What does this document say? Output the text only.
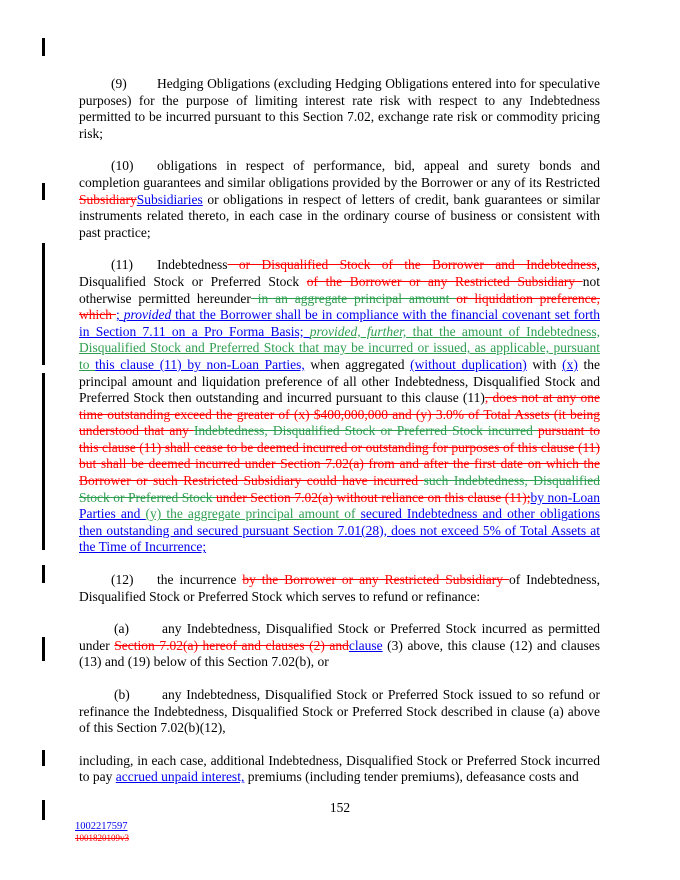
(9) Hedging Obligations (excluding Hedging Obligations entered into for speculative purposes) for the purpose of limiting interest rate risk with respect to any Indebtedness permitted to be incurred pursuant to this Section 7.02, exchange rate risk or commodity pricing risk;

(10) obligations in respect of performance, bid, appeal and surety bonds and completion guarantees and similar obligations provided by the Borrower or any of its Restricted SubsidiarySubsidiaries or obligations in respect of letters of credit, bank guarantees or similar instruments related thereto, in each case in the ordinary course of business or consistent with past practice;

(11) Indebtedness or Disqualified Stock of the Borrower and Indebtedness, Disqualified Stock or Preferred Stock of the Borrower or any Restricted Subsidiary not otherwise permitted hereunder in an aggregate principal amount or liquidation preference, which ; provided that the Borrower shall be in compliance with the financial covenant set forth in Section 7.11 on a Pro Forma Basis; provided, further, that the amount of Indebtedness, Disqualified Stock and Preferred Stock that may be incurred or issued, as applicable, pursuant to this clause (11) by non-Loan Parties, when aggregated (without duplication) with (x) the principal amount and liquidation preference of all other Indebtedness, Disqualified Stock and Preferred Stock then outstanding and incurred pursuant to this clause (11), does not at any one time outstanding exceed the greater of (x) $400,000,000 and (y) 3.0% of Total Assets (it being understood that any Indebtedness, Disqualified Stock or Preferred Stock incurred pursuant to this clause (11) shall cease to be deemed incurred or outstanding for purposes of this clause (11) but shall be deemed incurred under Section 7.02(a) from and after the first date on which the Borrower or such Restricted Subsidiary could have incurred such Indebtedness, Disqualified Stock or Preferred Stock under Section 7.02(a) without reliance on this clause (11);by non-Loan Parties and (y) the aggregate principal amount of secured Indebtedness and other obligations then outstanding and secured pursuant Section 7.01(28), does not exceed 5% of Total Assets at the Time of Incurrence;

(12) the incurrence by the Borrower or any Restricted Subsidiary of Indebtedness, Disqualified Stock or Preferred Stock which serves to refund or refinance:

(a) any Indebtedness, Disqualified Stock or Preferred Stock incurred as permitted under Section 7.02(a) hereof and clauses (2) andclause (3) above, this clause (12) and clauses (13) and (19) below of this Section 7.02(b), or

(b) any Indebtedness, Disqualified Stock or Preferred Stock issued to so refund or refinance the Indebtedness, Disqualified Stock or Preferred Stock described in clause (a) above of this Section 7.02(b)(12),

including, in each case, additional Indebtedness, Disqualified Stock or Preferred Stock incurred to pay accrued unpaid interest, premiums (including tender premiums), defeasance costs and

152
1002217597
1001820109v3
